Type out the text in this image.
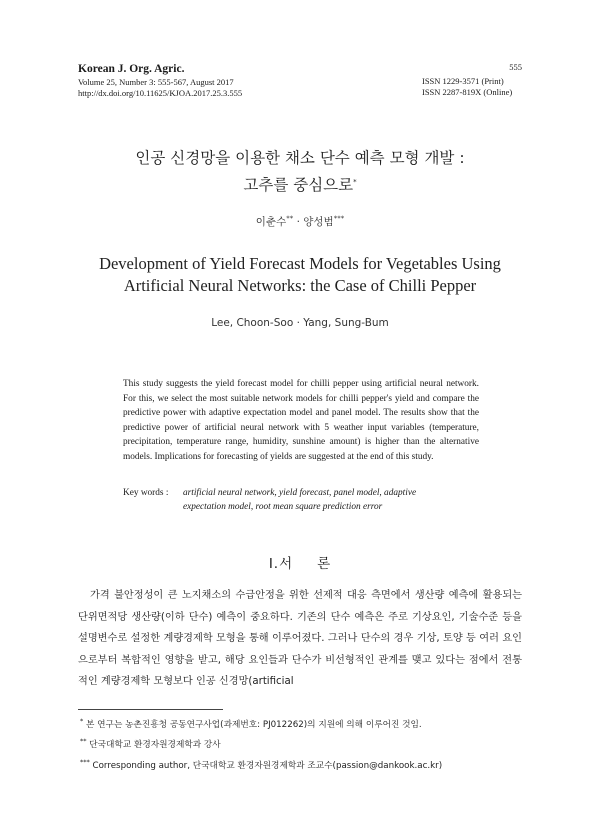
Korean J. Org. Agric.
Volume 25, Number 3: 555-567, August 2017
http://dx.doi.org/10.11625/KJOA.2017.25.3.555
555
ISSN 1229-3571 (Print)
ISSN 2287-819X (Online)
인공 신경망을 이용한 채소 단수 예측 모형 개발 :
고추를 중심으로*
이춘수** · 양성범***
Development of Yield Forecast Models for Vegetables Using
Artificial Neural Networks: the Case of Chilli Pepper
Lee, Choon-Soo · Yang, Sung-Bum
This study suggests the yield forecast model for chilli pepper using artificial neural network. For this, we select the most suitable network models for chilli pepper's yield and compare the predictive power with adaptive expectation model and panel model. The results show that the predictive power of artificial neural network with 5 weather input variables (temperature, precipitation, temperature range, humidity, sunshine amount) is higher than the alternative models. Implications for forecasting of yields are suggested at the end of this study.
Key words : artificial neural network, yield forecast, panel model, adaptive
expectation model, root mean square prediction error
Ⅰ.서 론

가격 불안정성이 큰 노지채소의 수급안정을 위한 선제적 대응 측면에서 생산량 예측에 활용되는 단위면적당 생산량(이하 단수) 예측이 중요하다. 기존의 단수 예측은 주로 기상요인, 기술수준 등을 설명변수로 설정한 계량경제학 모형을 통해 이루어졌다. 그러나 단수의 경우 기상, 토양 등 여러 요인으로부터 복합적인 영향을 받고, 해당 요인들과 단수가 비선형적인 관계를 맺고 있다는 점에서 전통적인 계량경제학 모형보다 인공 신경망(artificial

* 본 연구는 농촌진흥청 공동연구사업(과제번호: PJ012262)의 지원에 의해 이루어진 것임.
** 단국대학교 환경자원경제학과 강사
*** Corresponding author, 단국대학교 환경자원경제학과 조교수(passion@dankook.ac.kr)
